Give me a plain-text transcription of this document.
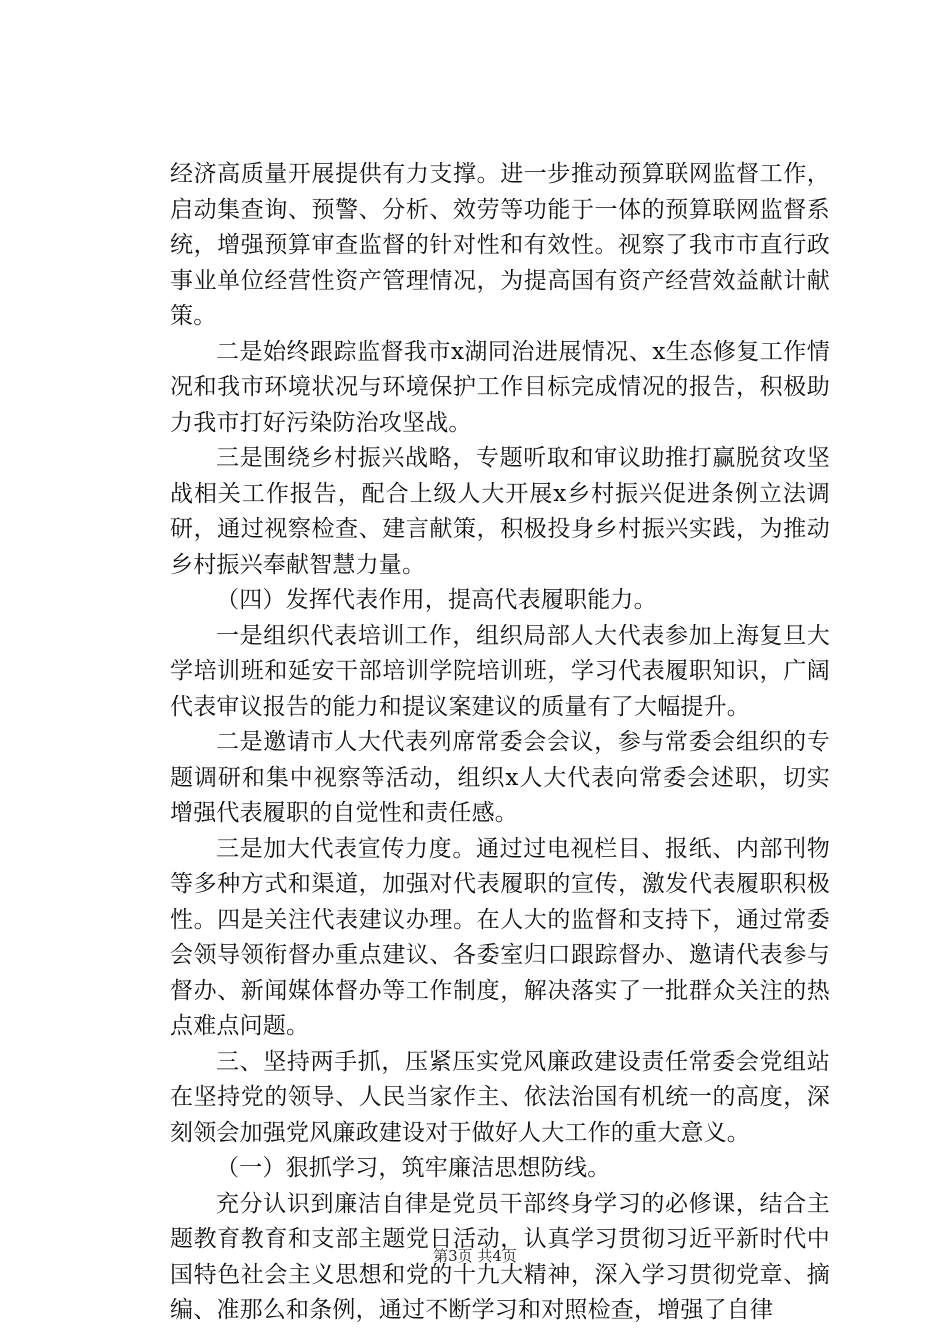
经济高质量开展提供有力支撑。进一步推动预算联网监督工作，启动集查询、预警、分析、效劳等功能于一体的预算联网监督系统，增强预算审查监督的针对性和有效性。视察了我市市直行政事业单位经营性资产管理情况，为提高国有资产经营效益献计献策。

二是始终跟踪监督我市x湖同治进展情况、x生态修复工作情况和我市环境状况与环境保护工作目标完成情况的报告，积极助力我市打好污染防治攻坚战。

三是围绕乡村振兴战略，专题听取和审议助推打赢脱贫攻坚战相关工作报告，配合上级人大开展x乡村振兴促进条例立法调研，通过视察检查、建言献策，积极投身乡村振兴实践，为推动乡村振兴奉献智慧力量。

（四）发挥代表作用，提高代表履职能力。

一是组织代表培训工作，组织局部人大代表参加上海复旦大学培训班和延安干部培训学院培训班，学习代表履职知识，广阔代表审议报告的能力和提议案建议的质量有了大幅提升。

二是邀请市人大代表列席常委会会议，参与常委会组织的专题调研和集中视察等活动，组织x人大代表向常委会述职，切实增强代表履职的自觉性和责任感。

三是加大代表宣传力度。通过过电视栏目、报纸、内部刊物等多种方式和渠道，加强对代表履职的宣传，激发代表履职积极性。四是关注代表建议办理。在人大的监督和支持下，通过常委会领导领衔督办重点建议、各委室归口跟踪督办、邀请代表参与督办、新闻媒体督办等工作制度，解决落实了一批群众关注的热点难点问题。

三、坚持两手抓，压紧压实党风廉政建设责任常委会党组站在坚持党的领导、人民当家作主、依法治国有机统一的高度，深刻领会加强党风廉政建设对于做好人大工作的重大意义。

（一）狠抓学习，筑牢廉洁思想防线。

充分认识到廉洁自律是党员干部终身学习的必修课，结合主题教育教育和支部主题党日活动，认真学习贯彻习近平新时代中国特色社会主义思想和党的十九大精神，深入学习贯彻党章、摘编、准那么和条例，通过不断学习和对照检查，增强了自律

第3页 共4页
